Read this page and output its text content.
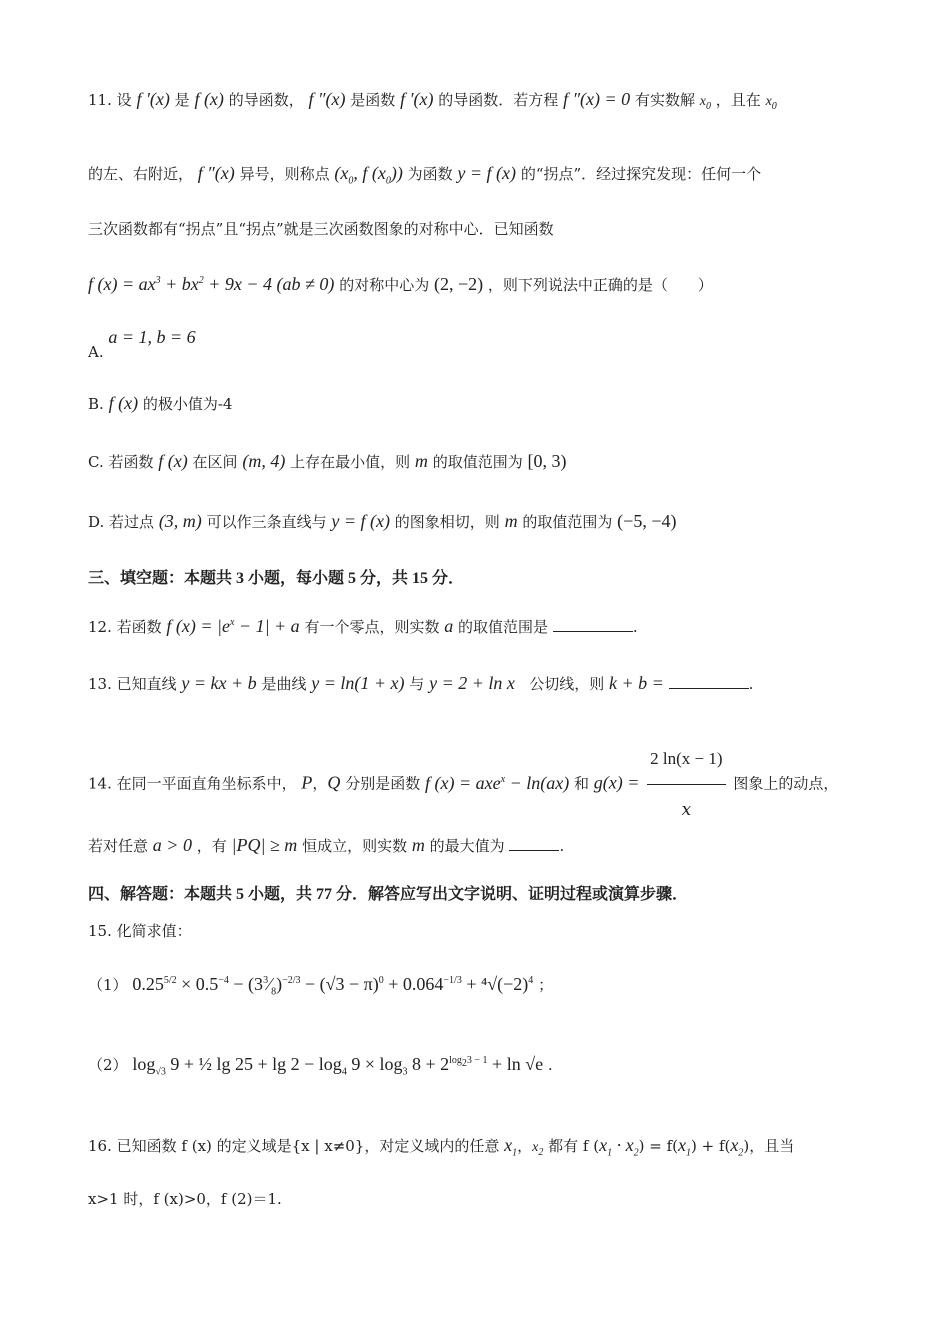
11. 设 f ′(x) 是 f (x) 的导函数， f ″(x) 是函数 f ′(x) 的导函数．若方程 f ″(x) = 0 有实数解 $x_0$ ，且在 $x_0$
的左、右附近， f ″(x) 异号，则称点 ($x_0$, f $(x_0)$) 为函数 y = f (x) 的“拐点”．经过探究发现：任何一个
三次函数都有“拐点”且“拐点”就是三次函数图象的对称中心．已知函数
f $(x) = ax^3 + bx^2 + 9x - 4$ (ab ≠ 0) 的对称中心为 (2, −2) ，则下列说法中正确的是（　　）
A. a = 1, b = 6
B. f (x) 的极小值为-4
C. 若函数 f (x) 在区间 (m, 4) 上存在最小值，则 m 的取值范围为 [0, 3)
D. 若过点 (3, m) 可以作三条直线与 y = f (x) 的图象相切，则 m 的取值范围为 (−5, −4)
三、填空题：本题共 3 小题，每小题 5 分，共 15 分．
12. 若函数 f $(x) = |e^x - 1| + a$ 有一个零点，则实数 a 的取值范围是	.
13. 已知直线 y = kx + b 是曲线 y = ln(1 + x) 与 y = 2 + ln x 公切线，则 k + b =	.
14. 在同一平面直角坐标系中， P，Q 分别是函数 f (x) = axe$^x$ − ln(ax) 和 $g(x) = \frac{2 \ln(x - 1)}{x}$ 图象上的动点，
若对任意 a > 0 ，有 |PQ| ≥ m 恒成立，则实数 m 的最大值为	.
四、解答题：本题共 5 小题，共 77 分．解答应写出文字说明、证明过程或演算步骤．
15. 化简求值：
（1） $0.25^{5/2} \times 0.5^{-4}$ − $(3^3⁄_8)^{-2/3} - (√3 - \pi)^0 + 0.064^{-1/3} + ^4√(-2)^4$ ；
（2） $\log_{√3} 9$ + ½ $\lg 25 + \lg 2 - \log_4 9 \times \log_3 8 + 2^{log_23 - 1} + \ln √e$ .
16. 已知函数 f (x) 的定义域是{x | x≠0}，对定义域内的任意 $x_1$，$x_2$ 都有 f $(x_1 \cdot x_2) = f(x_1) + f(x_2)$，且当
x>1 时，f (x)>0，f (2)＝1.
